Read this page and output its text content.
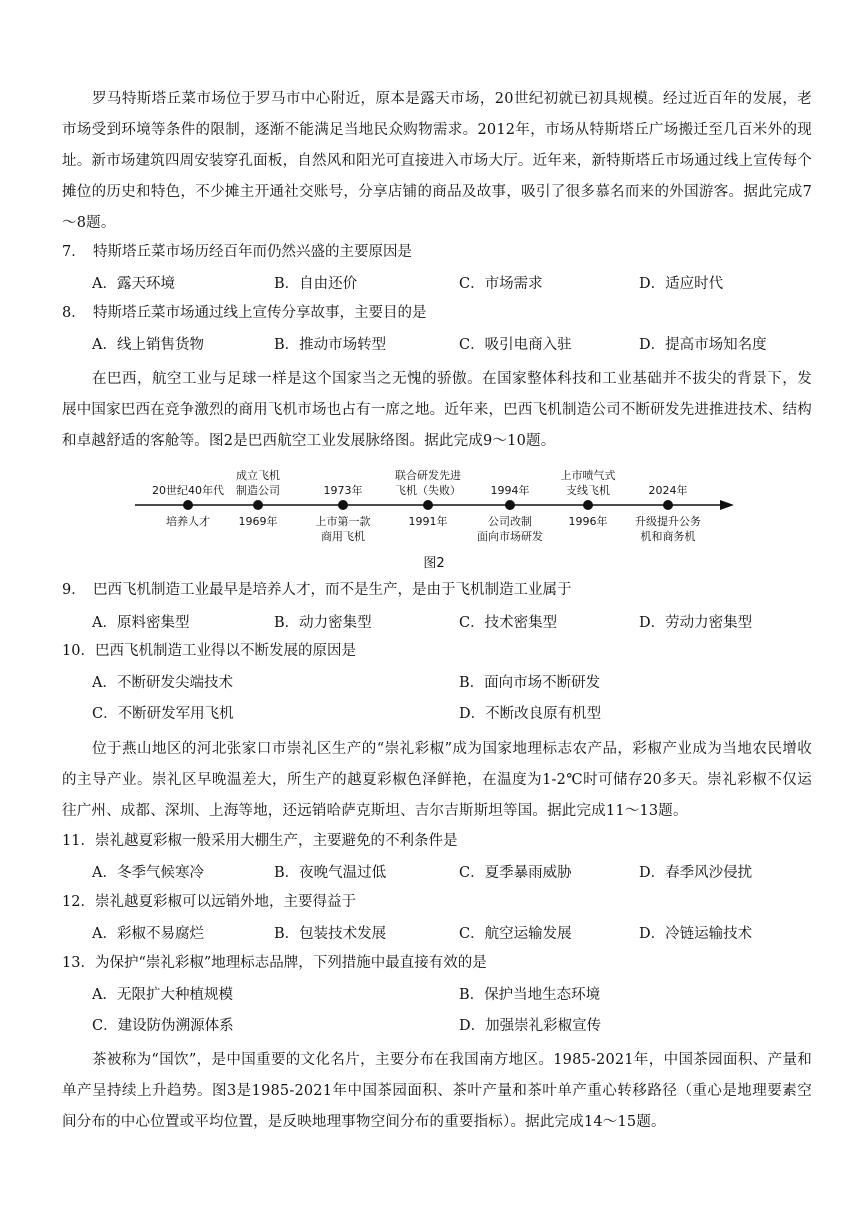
罗马特斯塔丘菜市场位于罗马市中心附近，原本是露天市场，20世纪初就已初具规模。经过近百年的发展，老市场受到环境等条件的限制，逐渐不能满足当地民众购物需求。2012年，市场从特斯塔丘广场搬迁至几百米外的现址。新市场建筑四周安装穿孔面板，自然风和阳光可直接进入市场大厅。近年来，新特斯塔丘市场通过线上宣传每个摊位的历史和特色，不少摊主开通社交账号，分享店铺的商品及故事，吸引了很多慕名而来的外国游客。据此完成7～8题。
7．　特斯塔丘菜市场历经百年而仍然兴盛的主要原因是
A．露天环境	B．自由还价	C．市场需求	D．适应时代
8．　特斯塔丘菜市场通过线上宣传分享故事，主要目的是
A．线上销售货物	B．推动市场转型	C．吸引电商入驻	D．提高市场知名度
在巴西，航空工业与足球一样是这个国家当之无愧的骄傲。在国家整体科技和工业基础并不拔尖的背景下，发展中国家巴西在竞争激烈的商用飞机市场也占有一席之地。近年来，巴西飞机制造公司不断研发先进推进技术、结构和卓越舒适的客舱等。图2是巴西航空工业发展脉络图。据此完成9～10题。
20世纪40年代
培养人才
成立飞机
制造公司
1969年
1973年
上市第一款
商用飞机
联合研发先进
飞机（失败）
1991年
1994年
公司改制
面向市场研发
上市喷气式
支线飞机
1996年
2024年
升级提升公务
机和商务机
图2
9．　巴西飞机制造工业最早是培养人才，而不是生产，是由于飞机制造工业属于
A．原料密集型	B．动力密集型	C．技术密集型	D．劳动力密集型
10．巴西飞机制造工业得以不断发展的原因是
A．不断研发尖端技术	B．面向市场不断研发
C．不断研发军用飞机	D．不断改良原有机型
位于燕山地区的河北张家口市崇礼区生产的“崇礼彩椒”成为国家地理标志农产品，彩椒产业成为当地农民增收的主导产业。崇礼区早晚温差大，所生产的越夏彩椒色泽鲜艳，在温度为1-2℃时可储存20多天。崇礼彩椒不仅运往广州、成都、深圳、上海等地，还远销哈萨克斯坦、吉尔吉斯斯坦等国。据此完成11～13题。
11．崇礼越夏彩椒一般采用大棚生产，主要避免的不利条件是
A．冬季气候寒冷	B．夜晚气温过低	C．夏季暴雨威胁	D．春季风沙侵扰
12．崇礼越夏彩椒可以远销外地，主要得益于
A．彩椒不易腐烂	B．包装技术发展	C．航空运输发展	D．冷链运输技术
13．为保护“崇礼彩椒”地理标志品牌，下列措施中最直接有效的是
A．无限扩大种植规模	B．保护当地生态环境
C．建设防伪溯源体系	D．加强崇礼彩椒宣传
茶被称为“国饮”，是中国重要的文化名片，主要分布在我国南方地区。1985-2021年，中国茶园面积、产量和单产呈持续上升趋势。图3是1985-2021年中国茶园面积、茶叶产量和茶叶单产重心转移路径（重心是地理要素空间分布的中心位置或平均位置，是反映地理事物空间分布的重要指标）。据此完成14～15题。
